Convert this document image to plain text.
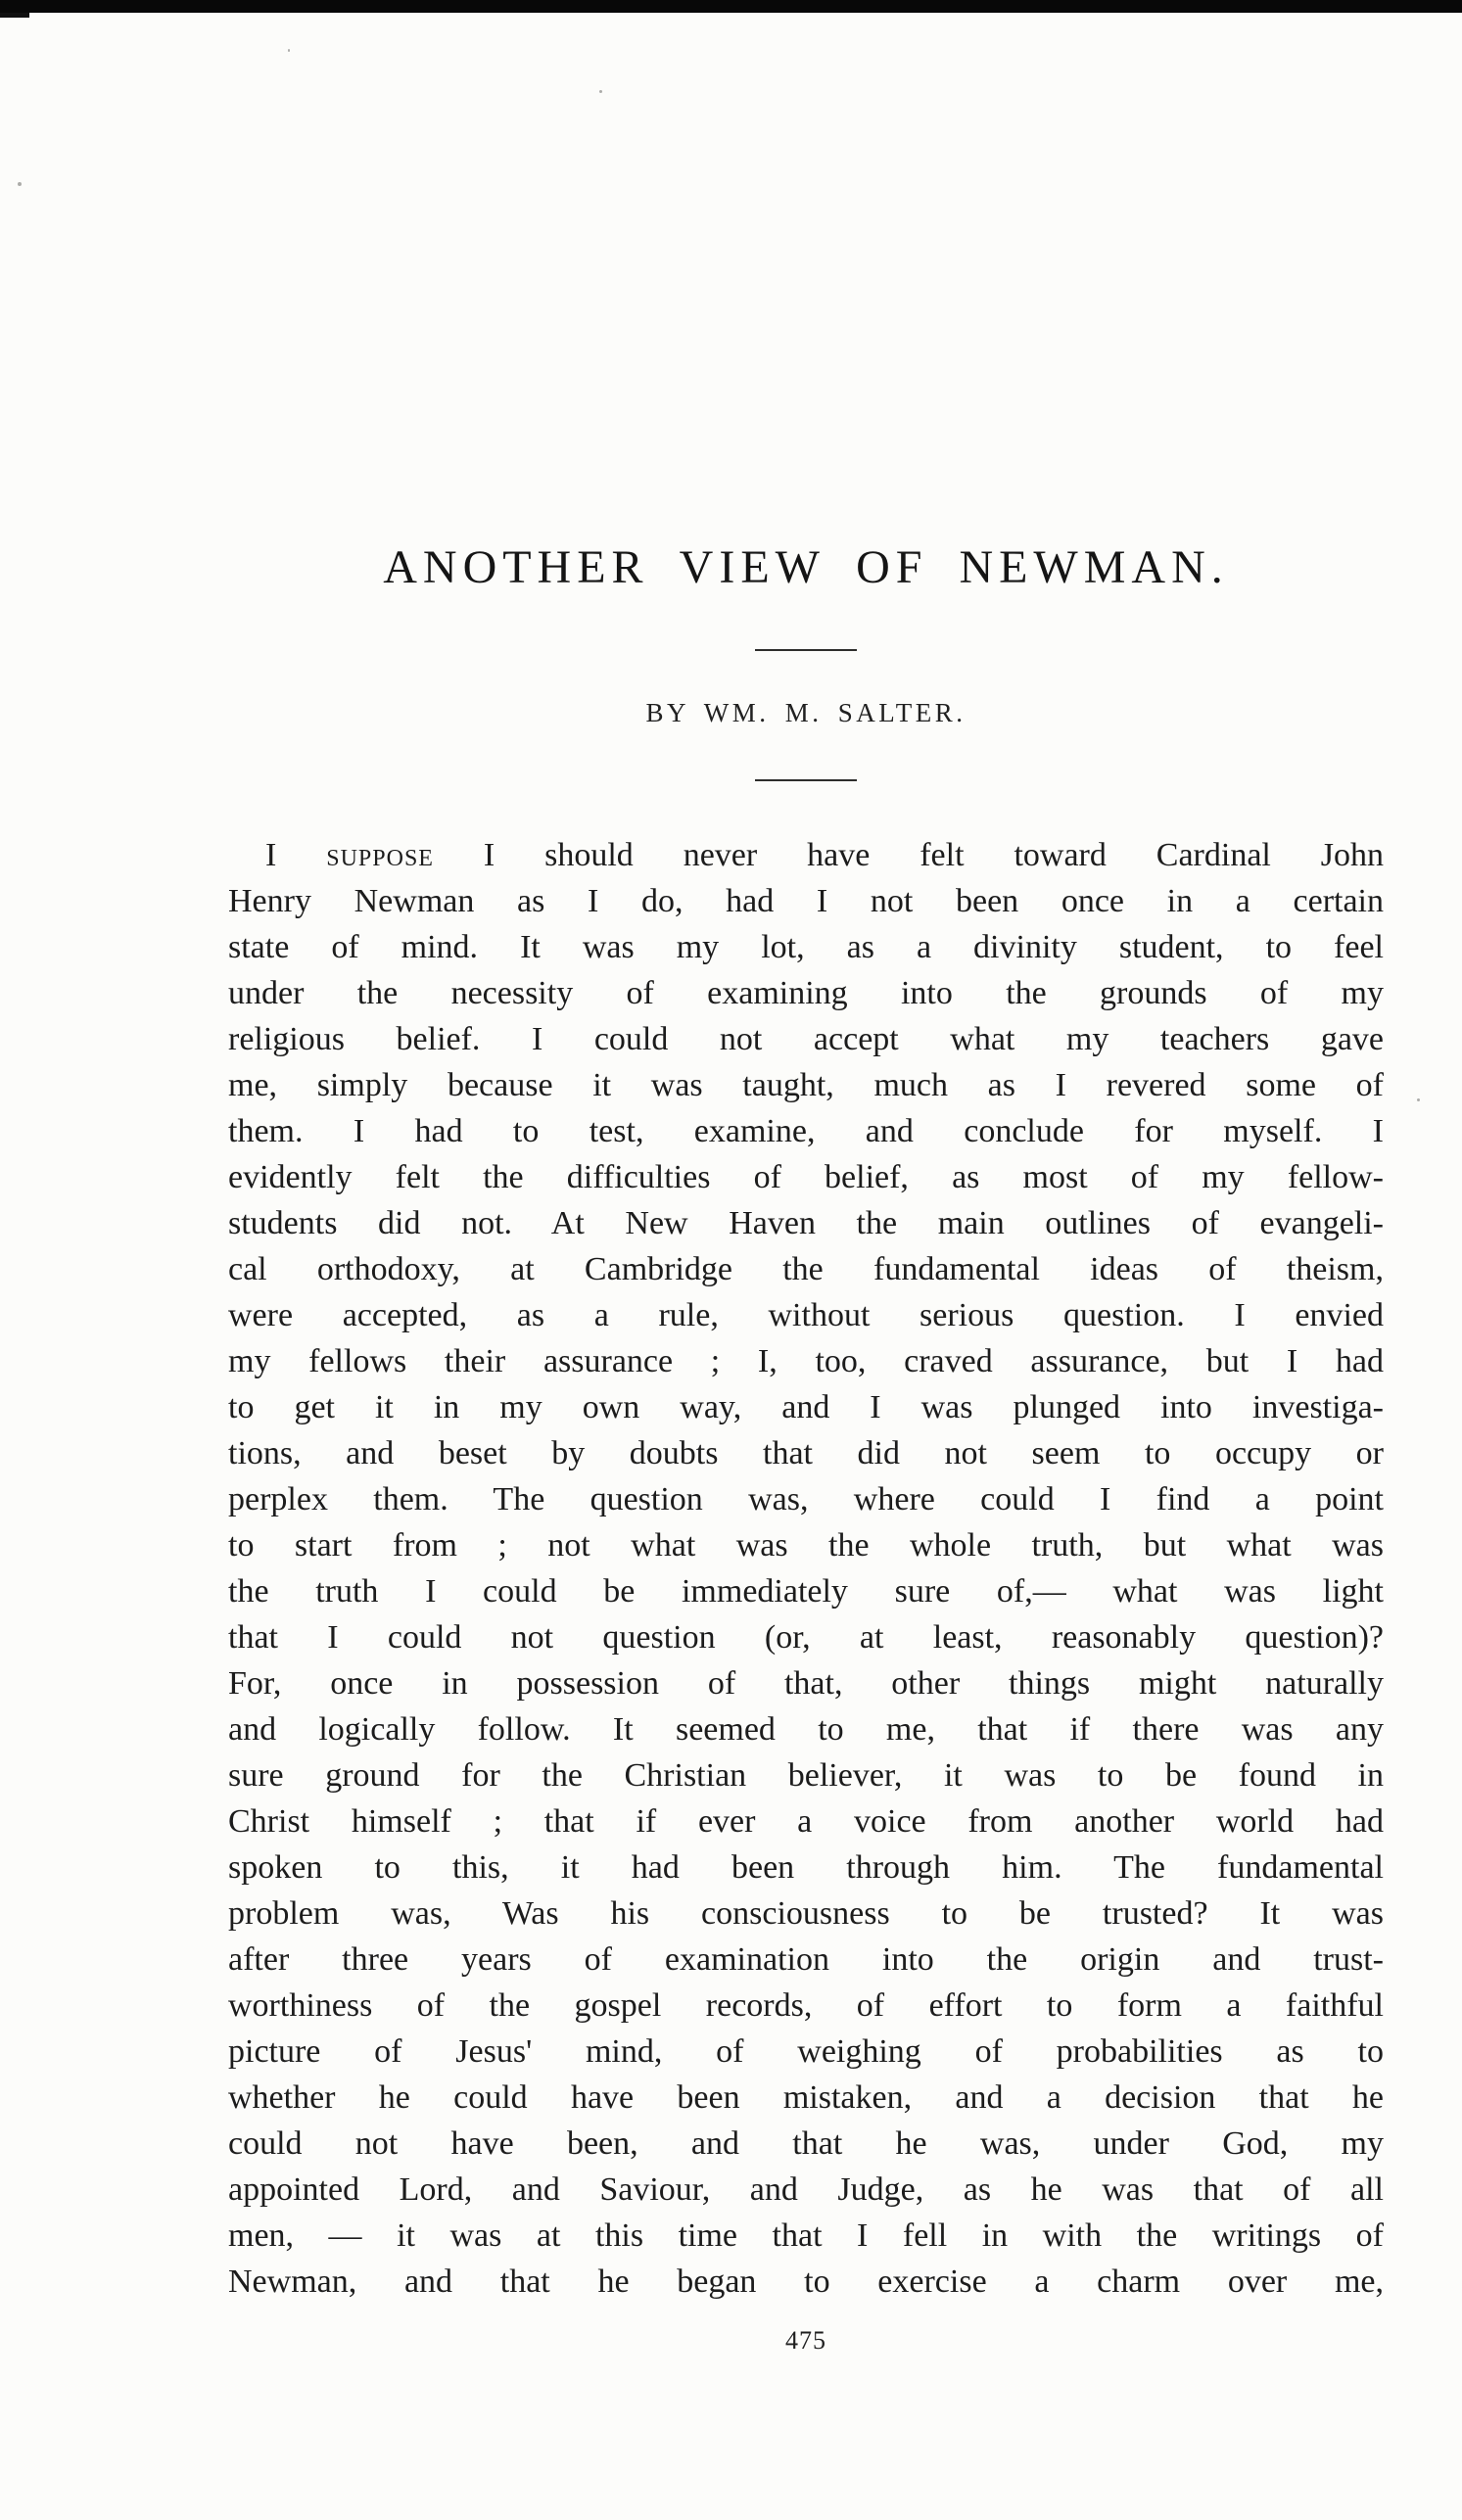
ANOTHER VIEW OF NEWMAN.
BY WM. M. SALTER.
I suppose I should never have felt toward Cardinal John
Henry Newman as I do, had I not been once in a certain
state of mind. It was my lot, as a divinity student, to feel
under the necessity of examining into the grounds of my
religious belief. I could not accept what my teachers gave
me, simply because it was taught, much as I revered some of
them. I had to test, examine, and conclude for myself. I
evidently felt the difficulties of belief, as most of my fellow-
students did not. At New Haven the main outlines of evangeli-
cal orthodoxy, at Cambridge the fundamental ideas of theism,
were accepted, as a rule, without serious question. I envied
my fellows their assurance ; I, too, craved assurance, but I had
to get it in my own way, and I was plunged into investiga-
tions, and beset by doubts that did not seem to occupy or
perplex them. The question was, where could I find a point
to start from ; not what was the whole truth, but what was
the truth I could be immediately sure of,— what was light
that I could not question (or, at least, reasonably question)?
For, once in possession of that, other things might naturally
and logically follow. It seemed to me, that if there was any
sure ground for the Christian believer, it was to be found in
Christ himself ; that if ever a voice from another world had
spoken to this, it had been through him. The fundamental
problem was, Was his consciousness to be trusted? It was
after three years of examination into the origin and trust-
worthiness of the gospel records, of effort to form a faithful
picture of Jesus' mind, of weighing of probabilities as to
whether he could have been mistaken, and a decision that he
could not have been, and that he was, under God, my
appointed Lord, and Saviour, and Judge, as he was that of all
men, — it was at this time that I fell in with the writings of
Newman, and that he began to exercise a charm over me,
475
